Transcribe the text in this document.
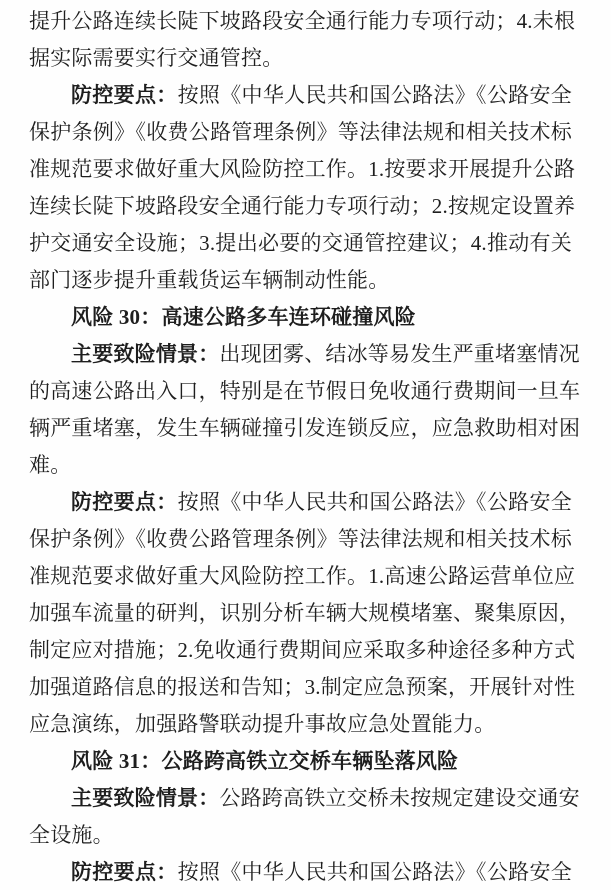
提升公路连续长陡下坡路段安全通行能力专项行动；4.未根
据实际需要实行交通管控。
防控要点：按照《中华人民共和国公路法》《公路安全
保护条例》《收费公路管理条例》等法律法规和相关技术标
准规范要求做好重大风险防控工作。1.按要求开展提升公路
连续长陡下坡路段安全通行能力专项行动；2.按规定设置养
护交通安全设施；3.提出必要的交通管控建议；4.推动有关
部门逐步提升重载货运车辆制动性能。
风险 30：高速公路多车连环碰撞风险
主要致险情景：出现团雾、结冰等易发生严重堵塞情况
的高速公路出入口，特别是在节假日免收通行费期间一旦车
辆严重堵塞，发生车辆碰撞引发连锁反应，应急救助相对困
难。
防控要点：按照《中华人民共和国公路法》《公路安全
保护条例》《收费公路管理条例》等法律法规和相关技术标
准规范要求做好重大风险防控工作。1.高速公路运营单位应
加强车流量的研判，识别分析车辆大规模堵塞、聚集原因，
制定应对措施；2.免收通行费期间应采取多种途径多种方式
加强道路信息的报送和告知；3.制定应急预案，开展针对性
应急演练，加强路警联动提升事故应急处置能力。
风险 31：公路跨高铁立交桥车辆坠落风险
主要致险情景：公路跨高铁立交桥未按规定建设交通安
全设施。
防控要点：按照《中华人民共和国公路法》《公路安全
